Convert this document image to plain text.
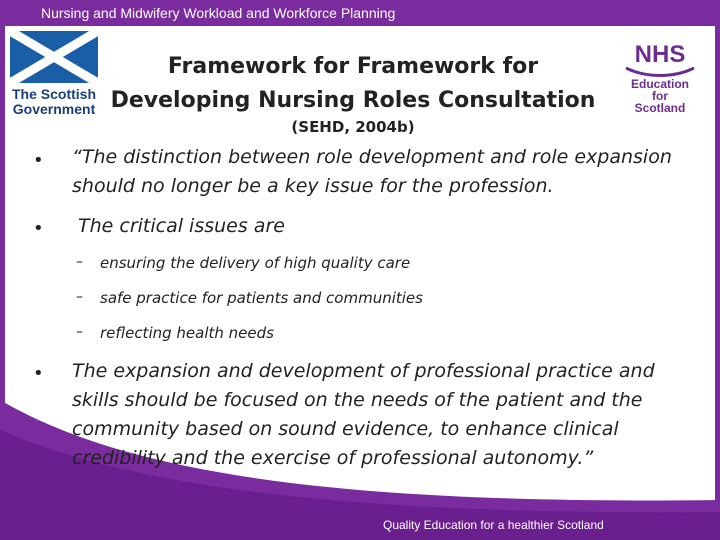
Nursing and Midwifery Workload and Workforce Planning
The Scottish
Government
NHS
Education
for
Scotland
Framework for Framework for Developing Nursing Roles Consultation
(SEHD, 2004b)
• “The distinction between role development and role expansion should no longer be a key issue for the profession.
• The critical issues are
– ensuring the delivery of high quality care
– safe practice for patients and communities
– reflecting health needs
• The expansion and development of professional practice and skills should be focused on the needs of the patient and the community based on sound evidence, to enhance clinical credibility and the exercise of professional autonomy.”
Quality Education for a healthier Scotland
